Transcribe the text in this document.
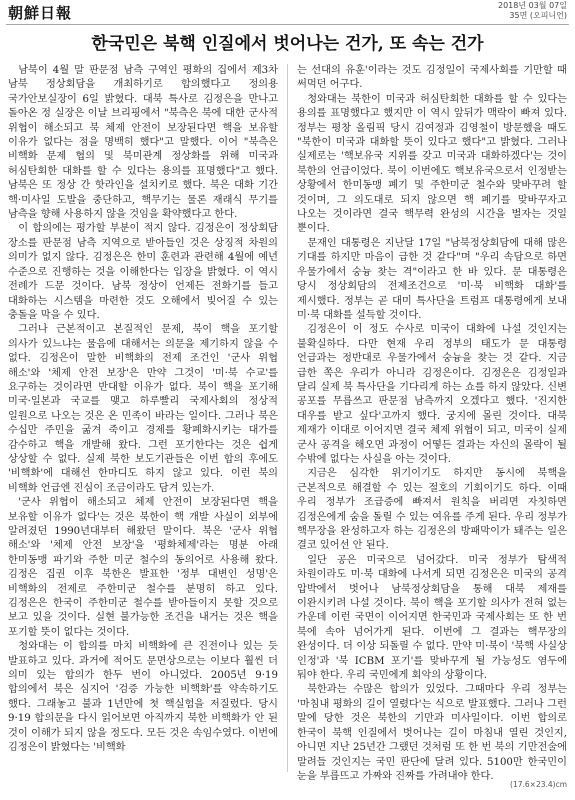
朝鮮日報	2018년 03월 07일
35면 (오피니언)
한국민은 북핵 인질에서 벗어나는 건가, 또 속는 건가

남북이 4월 말 판문점 남측 구역인 평화의 집에서 제3차 남북 정상회담을 개최하기로 합의했다고 정의용 국가안보실장이 6일 밝혔다. 대북 특사로 김정은을 만나고 돌아온 정 실장은 이날 브리핑에서 "북측은 북에 대한 군사적 위협이 해소되고 북 체제 안전이 보장된다면 핵을 보유할 이유가 없다는 점을 명백히 했다"고 말했다. 이어 "북측은 비핵화 문제 협의 및 북미관계 정상화를 위해 미국과 허심탄회한 대화를 할 수 있다는 용의를 표명했다"고 했다. 남북은 또 정상 간 핫라인을 설치키로 했다. 북은 대화 기간 핵·미사일 도발을 중단하고, 핵무기는 물론 재래식 무기를 남측을 향해 사용하지 않을 것임을 확약했다고 한다.

이 합의에는 평가할 부분이 적지 않다. 김정은이 정상회담 장소를 판문점 남측 지역으로 받아들인 것은 상징적 차원의 의미가 없지 않다. 김정은은 한미 훈련과 관련해 4월에 예년 수준으로 진행하는 것을 이해한다는 입장을 밝혔다. 이 역시 전례가 드문 것이다. 남북 정상이 언제든 전화기를 들고 대화하는 시스템을 마련한 것도 오해에서 빚어질 수 있는 충돌을 막을 수 있다.

그러나 근본적이고 본질적인 문제, 북이 핵을 포기할 의사가 있느냐는 물음에 대해서는 의문을 제기하지 않을 수 없다. 김정은이 말한 비핵화의 전제 조건인 '군사 위협 해소'와 '체제 안전 보장'은 만약 그것이 '미·북 수교'를 요구하는 것이라면 반대할 이유가 없다. 북이 핵을 포기해 미국·일본과 국교를 맺고 하루빨리 국제사회의 정상적 일원으로 나오는 것은 온 민족이 바라는 일이다. 그러나 북은 수십만 주민을 굶겨 죽이고 경제를 황폐화시키는 대가를 감수하고 핵을 개발해 왔다. 그런 포기한다는 것은 쉽게 상상할 수 없다. 실제 북한 보도기관들은 이번 합의 후에도 '비핵화'에 대해선 한마디도 하지 않고 있다. 이런 북의 비핵화 언급엔 진심이 조금이라도 담겨 있는가.

'군사 위협이 해소되고 체제 안전이 보장된다면 핵을 보유할 이유가 없다'는 것은 북한이 핵 개발 사실이 외부에 알려졌던 1990년대부터 해왔던 말이다. 북은 '군사 위협 해소'와 '체제 안전 보장'을 '평화체제'라는 명분 아래 한미동맹 파기와 주한 미군 철수의 동의어로 사용해 왔다. 김정은 집권 이후 북한은 발표한 '정부 대변인 성명'은 비핵화의 전제로 주한미군 철수를 분명히 하고 있다. 김정은은 한국이 주한미군 철수를 받아들이지 못할 것으로 보고 있을 것이다. 실현 불가능한 조건을 내거는 것은 핵을 포기할 뜻이 없다는 것이다.

청와대는 이 합의를 마치 비핵화에 큰 진전이나 있는 듯 발표하고 있다. 과거에 적어도 문면상으로는 이보다 훨씬 더 의미 있는 합의가 한두 번이 아니었다. 2005년 9·19 합의에서 북은 심지어 '검증 가능한 비핵화'를 약속하기도 했다. 그래놓고 불과 1년만에 첫 핵실험을 저질렀다. 당시 9·19 합의문을 다시 읽어보면 아직까지 북한 비핵화가 안 된 것이 이해가 되지 않을 정도다. 모든 것은 속임수였다. 이번에 김정은이 밝혔다는 '비핵화

는 선대의 유훈'이라는 것도 김정일이 국제사회를 기만할 때 써먹던 어구다.

청와대는 북한이 미국과 허심탄회한 대화를 할 수 있다는 용의를 표명했다고 했지만 이 역시 앞뒤가 맥락이 빠져 있다. 정부는 평창 올림픽 당시 김여정과 김영철이 방문했을 때도 "북한이 미국과 대화할 뜻이 있다고 했다"고 밝혔다. 그러나 실제로는 '핵보유국 지위를 갖고 미국과 대화하겠다'는 것이 북한의 언급이었다. 북이 이번에도 핵보유국으로서 인정받는 상황에서 한미동맹 폐기 및 주한미군 철수와 맞바꾸려 할 것이며, 그 의도대로 되지 않으면 핵 폐기를 맞바꾸자고 나오는 것이라면 결국 핵무력 완성의 시간을 벌자는 것일 뿐이다.

문재인 대통령은 지난달 17일 "남북정상회담에 대해 많은 기대를 하지만 마음이 급한 것 같다"며 "우리 속담으로 하면 우물가에서 숭늉 찾는 격"이라고 한 바 있다. 문 대통령은 당시 정상회담의 전제조건으로 '미·북 비핵화 대화'를 제시했다. 정부는 곧 대미 특사단을 트럼프 대통령에게 보내 미·북 대화를 설득할 것이다.

김정은이 이 정도 수사로 미국이 대화에 나설 것인지는 불확실하다. 다만 현재 우리 정부의 태도가 문 대통령 언급과는 정반대로 우물가에서 숭늉을 찾는 것 같다. 지금 급한 쪽은 우리가 아니라 김정은이다. 김정은은 김정일과 달리 실제 북 특사단을 기다리게 하는 쇼를 하지 않았다. 신변 공포를 무릅쓰고 판문점 남측까지 오겠다고 했다. '진지한 대우를 받고 싶다'고까지 했다. 궁지에 몰린 것이다. 대북 제재가 이대로 이어지면 결국 체제 위협이 되고, 미국이 실제 군사 공격을 해오면 과정이 어떻든 결과는 자신의 몰락이 될 수밖에 없다는 사실을 아는 것이다.

지금은 심각한 위기이기도 하지만 동시에 북핵을 근본적으로 해결할 수 있는 절호의 기회이기도 하다. 이때 우리 정부가 조급증에 빠져서 원칙을 버리면 자칫하면 김정은에게 숨을 돌릴 수 있는 여유를 주게 된다. 우리 정부가 핵무장을 완성하고자 하는 김정은의 방패막이가 돼주는 일은 결코 있어선 안 된다.

일단 공은 미국으로 넘어갔다. 미국 정부가 탐색적 차원이라도 미·북 대화에 나서게 되면 김정은은 미국의 공격 압박에서 벗어나 남북정상회담을 통해 대북 제재를 이완시키려 나설 것이다. 북이 핵을 포기할 의사가 전혀 없는 가운데 이런 국면이 이어지면 한국민과 국제사회는 또 한 번 북에 속아 넘어가게 된다. 이번에 그 결과는 핵무장의 완성이다. 더 이상 되돌릴 수 없다. 만약 미·북이 '북핵 사실상 인정'과 '북 ICBM 포기'를 맞바꾸게 될 가능성도 염두에 둬야 한다. 우리 국민에게 회악의 상황이다.

북한과는 수많은 합의가 있었다. 그때마다 우리 정부는 '마침내 평화의 길이 열렸다'는 식으로 발표했다. 그러나 그런 말에 당한 것은 북한의 기만과 미사일이다. 이번 합의로 한국이 북핵 인질에서 벗어나는 길이 마침내 열린 것인지, 아니면 지난 25년간 그랬던 것처럼 또 한 번 북의 기만전술에 말려들 것인지는 국민 판단에 달려 있다. 5100만 한국민이 눈을 부릅뜨고 가짜와 진짜를 가려내야 한다.

(17.6×23.4)cm
